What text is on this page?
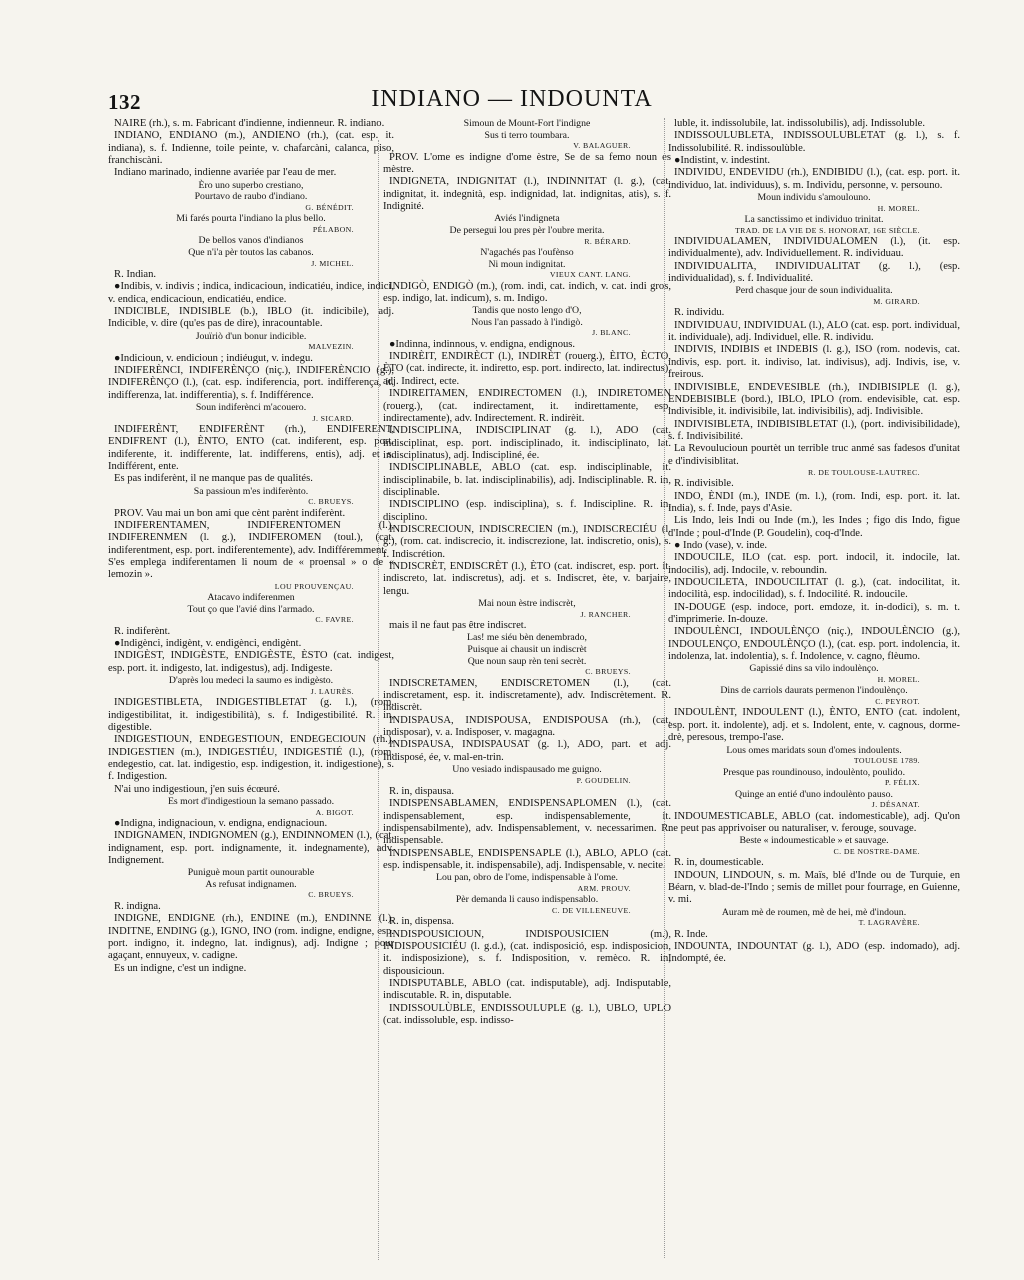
132	INDIANO — INDOUNTA
NAIRE (rh.), s. m. Fabricant d'indienne, indienneur. R. indiano.
INDIANO, ENDIANO (m.), ANDIENO (rh.), (cat. esp. it. indiana), s. f. Indienne, toile peinte, v. chafarcàni, calanca, piso, franchiscàni.
Indiano marinado, indienne avariée par l'eau de mer.
Èro uno superbo crestiano,
Pourtavo de raubo d'indiano.
G. BÉNÉDIT.
Mi farés pourta l'indiano la plus bello.
PÉLABON.
De bellos vanos d'indianos
Que n'i'a pèr toutos las cabanos.
J. MICHEL.
R. Indian.
●Indibis, v. indivis ; indica, indicacioun, indicatiéu, indice, indici, v. endica, endicacioun, endicatiéu, endice.
INDICIBLE, INDISIBLE (b.), IBLO (it. indicibile), adj. Indicible, v. dire (qu'es pas de dire), inracountable.
Jouïriò d'un bonur indicible.
MALVEZIN.
●Indicioun, v. endicioun ; indiéugut, v. indegu.
INDIFERÈNCI, INDIFERÈNÇO (niç.), INDIFERÈNCIO (g.), INDIFERÈNÇO (l.), (cat. esp. indiferencia, port. indifferença, it. indifferenza, lat. indifferentia), s. f. Indifférence.
Soun indiferènci m'acouero.
J. SICARD.
INDIFERÈNT, ENDIFERÈNT (rh.), ENDIFERENT, ENDIFRENT (l.), ÈNTO, ENTO (cat. indiferent, esp. port. indiferente, it. indifferente, lat. indifferens, entis), adj. et s. Indifférent, ente.
Es pas indiferènt, il ne manque pas de qualités.
Sa passioun m'es indiferènto.
C. BRUEYS.
PROV. Vau mai un bon ami que cènt parènt indiferènt.
INDIFERENTAMEN, INDIFERENTOMEN (l.), INDIFERENMEN (l. g.), INDIFEROMEN (toul.), (cat. indiferentment, esp. port. indiferentemente), adv. Indifféremment.
S'es emplega indiferentamen li noum de « proensal » o de « lemozin ».
LOU PROUVENÇAU.
Atacavo indiferenmen
Tout ço que l'avié dins l'armado.
C. FAVRE.
R. indiferènt.
●Indigènci, indigènt, v. endigènci, endigènt.
INDIGÈST, INDIGÈSTE, ENDIGÈSTE, ÈSTO (cat. indigest, esp. port. it. indigesto, lat. indigestus), adj. Indigeste.
D'après lou medeci la saumo es indigèsto.
J. LAURÈS.
INDIGESTIBLETA, INDIGESTIBLETAT (g. l.), (rom. indigestibilitat, it. indigestibilità), s. f. Indigestibilité. R. in, digestible.
INDIGESTIOUN, ENDEGESTIOUN, ENDEGECIOUN (rh.), INDIGESTIEN (m.), INDIGESTIÉU, INDIGESTIÉ (l.), (rom. endegestio, cat. lat. indigestio, esp. indigestion, it. indigestione), s. f. Indigestion.
N'ai uno indigestioun, j'en suis écœuré.
Es mort d'indigestioun la semano passado.
A. BIGOT.
●Indigna, indignacioun, v. endigna, endignacioun.
INDIGNAMEN, INDIGNOMEN (g.), ENDINNOMEN (l.), (cat. indignament, esp. port. indignamente, it. indegnamente), adv. Indignement.
Puniguè moun partit ounourable
As refusat indignamen.
C. BRUEYS.
R. indigna.
INDIGNE, ENDIGNE (rh.), ENDINE (m.), ENDINNE (l.), INDITNE, ENDING (g.), IGNO, INO (rom. indigne, endigne, esp. port. indigno, it. indegno, lat. indignus), adj. Indigne ; pour agaçant, ennuyeux, v. cadigne.
Es un indigne, c'est un indigne.
Simoun de Mount-Fort l'indigne
Sus ti terro toumbara.
V. BALAGUER.
PROV. L'ome es indigne d'ome èstre, Se de sa femo noun es mèstre.
INDIGNETA, INDIGNITAT (l.), INDINNITAT (l. g.), (cat. indignitat, it. indegnità, esp. indignidad, lat. indignitas, atis), s. f. Indignité.
Aviés l'indigneta
De persegui lou pres pèr l'oubre merita.
R. BÉRARD.
N'agachés pas l'oufènso
Ni moun indignitat.
VIEUX CANT. LANG.
INDIGÒ, ENDIGÒ (m.), (rom. indi, cat. indich, v. cat. indi gros, esp. indigo, lat. indicum), s. m. Indigo.
Tandis que nosto lengo d'O,
Nous l'an passado à l'indigò.
J. BLANC.
●Indinna, indinnous, v. endigna, endignous.
INDIRÈIT, ENDIRÈCT (l.), INDIRÈT (rouerg.), ÈITO, ÈCTO, ÈTO (cat. indirecte, it. indiretto, esp. port. indirecto, lat. indirectus), adj. Indirect, ecte.
INDIREITAMEN, ENDIRECTOMEN (l.), INDIRETOMEN (rouerg.), (cat. indirectament, it. indirettamente, esp. indirectamente), adv. Indirectement. R. indirèit.
INDISCIPLINA, INDISCIPLINAT (g. l.), ADO (cat. indisciplinat, esp. port. indisciplinado, it. indisciplinato, lat. indisciplinatus), adj. Indiscipliné, ée.
INDISCIPLINABLE, ABLO (cat. esp. indisciplinable, it. indisciplinabile, b. lat. indisciplinabilis), adj. Indisciplinable. R. in, disciplinable.
INDISCIPLINO (esp. indisciplina), s. f. Indiscipline. R. in, disciplino.
INDISCRECIOUN, INDISCRECIEN (m.), INDISCRECIÉU (l. g.), (rom. cat. indiscrecio, it. indiscrezione, lat. indiscretio, onis), s. f. Indiscrétion.
INDISCRÈT, ENDISCRÈT (l.), ÈTO (cat. indiscret, esp. port. it. indiscreto, lat. indiscretus), adj. et s. Indiscret, ète, v. barjaire, lengu.
Mai noun èstre indiscrèt,
J. RANCHER.
mais il ne faut pas être indiscret.
Las! me siéu bèn denembrado,
Puisque ai chausit un indiscrèt
Que noun saup rèn teni secrèt.
C. BRUEYS.
INDISCRETAMEN, ENDISCRETOMEN (l.), (cat. indiscretament, esp. it. indiscretamente), adv. Indiscrètement. R. indiscrèt.
INDISPAUSA, INDISPOUSA, ENDISPOUSA (rh.), (cat. indisposar), v. a. Indisposer, v. magagna.
INDISPAUSA, INDISPAUSAT (g. l.), ADO, part. et adj. Indisposé, ée, v. mal-en-trin.
Uno vesiado indispausado me guigno.
P. GOUDELIN.
R. in, dispausa.
INDISPENSABLAMEN, ENDISPENSAPLOMEN (l.), (cat. indispensablement, esp. indispensablemente, it. indispensabilmente), adv. Indispensablement, v. necessarimen. R. indispensable.
INDISPENSABLE, ENDISPENSAPLE (l.), ABLO, APLO (cat. esp. indispensable, it. indispensabile), adj. Indispensable, v. necite.
Lou pan, obro de l'ome, indispensable à l'ome.
ARM. PROUV.
Pèr demanda li causo indispensablo.
C. DE VILLENEUVE.
R. in, dispensa.
INDISPOUSICIOUN, INDISPOUSICIEN (m.), INDISPOUSICIÉU (l. g.d.), (cat. indisposició, esp. indisposicion, it. indisposizione), s. f. Indisposition, v. remèco. R. in, dispousicioun.
INDISPUTABLE, ABLO (cat. indisputable), adj. Indisputable, indiscutable. R. in, disputable.
INDISSOULÙBLE, ENDISSOULUPLE (g. l.), UBLO, UPLO (cat. indissoluble, esp. indisso-
luble, it. indissolubile, lat. indissolubilis), adj. Indissoluble.
INDISSOULUBLETA, INDISSOULUBLETAT (g. l.), s. f. Indissolubilité. R. indissoulùble.
●Indistint, v. indestint.
INDIVIDU, ENDEVIDU (rh.), ENDIBIDU (l.), (cat. esp. port. it. individuo, lat. individuus), s. m. Individu, personne, v. persouno.
Moun individu s'amoulouno.
H. MOREL.
La sanctissimo et individuo trinitat.
TRAD. DE LA VIE DE S. HONORAT, 16E SIÈCLE.
INDIVIDUALAMEN, INDIVIDUALOMEN (l.), (it. esp. individualmente), adv. Individuellement. R. individuau.
INDIVIDUALITA, INDIVIDUALITAT (g. l.), (esp. individualidad), s. f. Individualité.
Perd chasque jour de soun individualita.
M. GIRARD.
R. individu.
INDIVIDUAU, INDIVIDUAL (l.), ALO (cat. esp. port. individual, it. individuale), adj. Individuel, elle. R. individu.
INDIVIS, INDIBIS et INDEBIS (l. g.), ISO (rom. nodevis, cat. indivis, esp. port. it. indiviso, lat. indivisus), adj. Indivis, ise, v. freirous.
INDIVISIBLE, ENDEVESIBLE (rh.), INDIBISIPLE (l. g.), ENDEBISIBLE (bord.), IBLO, IPLO (rom. endevisible, cat. esp. indivisible, it. indivisibile, lat. indivisibilis), adj. Indivisible.
INDIVISIBLETA, INDIBISIBLETAT (l.), (port. indivisibilidade), s. f. Indivisibilité.
La Revoulucioun pourtèt un terrible truc anmé sas fadesos d'unitat e d'indivisiblitat.
R. DE TOULOUSE-LAUTREC.
R. indivisible.
INDO, ÈNDI (m.), INDE (m. l.), (rom. Indi, esp. port. it. lat. India), s. f. Inde, pays d'Asie.
Lis Indo, leis Indi ou Inde (m.), les Indes ; figo dis Indo, figue d'Inde ; poul-d'Inde (P. Goudelin), coq-d'Inde.
● Indo (vase), v. inde.
INDOUCILE, ILO (cat. esp. port. indocil, it. indocile, lat. indocilis), adj. Indocile, v. reboundin.
INDOUCILETA, INDOUCILITAT (l. g.), (cat. indocilitat, it. indocilità, esp. indocilidad), s. f. Indocilité. R. indoucile.
IN-DOUGE (esp. indoce, port. emdoze, it. in-dodici), s. m. t. d'imprimerie. In-douze.
INDOULÈNCI, INDOULÈNÇO (niç.), INDOULÈNCIO (g.), INDOULENÇO, ENDOULÈNÇO (l.), (cat. esp. port. indolencia, it. indolenza, lat. indolentia), s. f. Indolence, v. cagno, flèumo.
Gapissié dins sa vilo indoulènço.
H. MOREL.
Dins de carriols daurats permenon l'indoulènço.
C. PEYROT.
INDOULÈNT, INDOULENT (l.), ÈNTO, ENTO (cat. indolent, esp. port. it. indolente), adj. et s. Indolent, ente, v. cagnous, dorme-drè, peresous, trempo-l'ase.
Lous omes maridats soun d'omes indoulents.
TOULOUSE 1789.
Presque pas roundinouso, indoulènto, poulido.
P. FÉLIX.
Quinge an entié d'uno indoulènto pauso.
J. DÉSANAT.
INDOUMESTICABLE, ABLO (cat. indomesticable), adj. Qu'on ne peut pas apprivoiser ou naturaliser, v. ferouge, souvage.
Beste « indoumesticable » et sauvage.
C. DE NOSTRE-DAME.
R. in, doumesticable.
INDOUN, LINDOUN, s. m. Maïs, blé d'Inde ou de Turquie, en Béarn, v. blad-de-l'Indo ; semis de millet pour fourrage, en Guienne, v. mi.
Auram mè de roumen, mè de hei, mè d'indoun.
T. LAGRAVÈRE.
R. Inde.
INDOUNTA, INDOUNTAT (g. l.), ADO (esp. indomado), adj. Indompté, ée.
